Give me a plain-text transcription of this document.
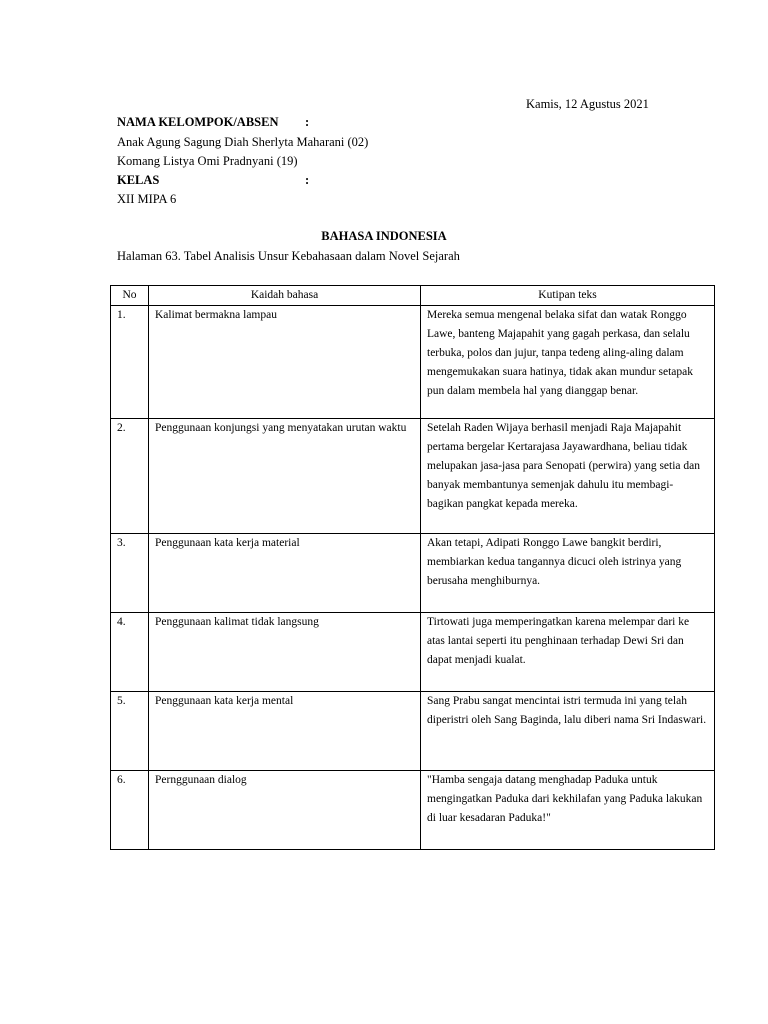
Kamis, 12 Agustus 2021
NAMA KELOMPOK/ABSEN :
Anak Agung Sagung Diah Sherlyta Maharani (02)
Komang Listya Omi Pradnyani (19)
KELAS	:
XII MIPA 6
BAHASA INDONESIA
Halaman 63. Tabel Analisis Unsur Kebahasaan dalam Novel Sejarah
No	Kaidah bahasa	Kutipan teks
1.	Kalimat bermakna lampau	Mereka semua mengenal belaka sifat dan watak Ronggo Lawe, banteng Majapahit yang gagah perkasa, dan selalu terbuka, polos dan jujur, tanpa tedeng aling-aling dalam mengemukakan suara hatinya, tidak akan mundur setapak pun dalam membela hal yang dianggap benar.
2.	Penggunaan konjungsi yang menyatakan urutan waktu	Setelah Raden Wijaya berhasil menjadi Raja Majapahit pertama bergelar Kertarajasa Jayawardhana, beliau tidak melupakan jasa-jasa para Senopati (perwira) yang setia dan banyak membantunya semenjak dahulu itu membagi-bagikan pangkat kepada mereka.
3.	Penggunaan kata kerja material	Akan tetapi, Adipati Ronggo Lawe bangkit berdiri, membiarkan kedua tangannya dicuci oleh istrinya yang berusaha menghiburnya.
4.	Penggunaan kalimat tidak langsung	Tirtowati juga memperingatkan karena melempar dari ke atas lantai seperti itu penghinaan terhadap Dewi Sri dan dapat menjadi kualat.
5.	Penggunaan kata kerja mental	Sang Prabu sangat mencintai istri termuda ini yang telah diperistri oleh Sang Baginda, lalu diberi nama Sri Indaswari.
6.	Pernggunaan dialog	"Hamba sengaja datang menghadap Paduka untuk mengingatkan Paduka dari kekhilafan yang Paduka lakukan di luar kesadaran Paduka!"
